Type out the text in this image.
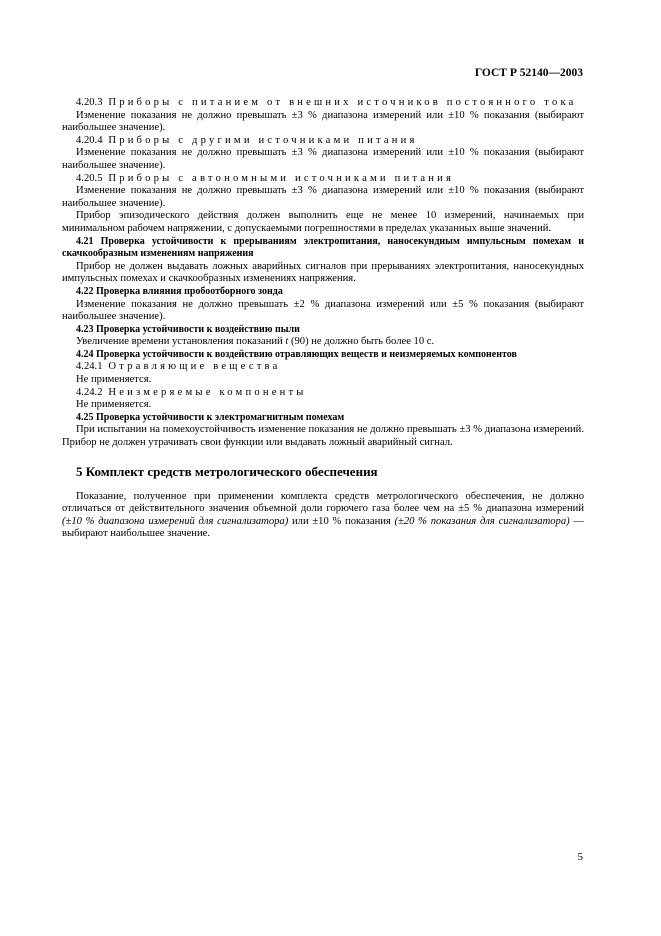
ГОСТ Р 52140—2003

4.20.3 Приборы с питанием от внешних источников постоянного тока

Изменение показания не должно превышать ±3 % диапазона измерений или ±10 % показания (выбирают наибольшее значение).

4.20.4 Приборы с другими источниками питания

Изменение показания не должно превышать ±3 % диапазона измерений или ±10 % показания (выбирают наибольшее значение).

4.20.5 Приборы с автономными источниками питания

Изменение показания не должно превышать ±3 % диапазона измерений или ±10 % показания (выбирают наибольшее значение).

Прибор эпизодического действия должен выполнить еще не менее 10 измерений, начинаемых при минимальном рабочем напряжении, с допускаемыми погрешностями в пределах указанных выше значений.

4.21 Проверка устойчивости к прерываниям электропитания, наносекундным импульсным помехам и скачкообразным изменениям напряжения

Прибор не должен выдавать ложных аварийных сигналов при прерываниях электропитания, наносекундных импульсных помехах и скачкообразных изменениях напряжения.

4.22 Проверка влияния пробоотборного зонда

Изменение показания не должно превышать ±2 % диапазона измерений или ±5 % показания (выбирают наибольшее значение).

4.23 Проверка устойчивости к воздействию пыли

Увеличение времени установления показаний t (90) не должно быть более 10 с.

4.24 Проверка устойчивости к воздействию отравляющих веществ и неизмеряемых компонентов

4.24.1 Отравляющие вещества

Не применяется.

4.24.2 Неизмеряемые компоненты

Не применяется.

4.25 Проверка устойчивости к электромагнитным помехам

При испытании на помехоустойчивость изменение показания не должно превышать ±3 % диапазона измерений. Прибор не должен утрачивать свои функции или выдавать ложный аварийный сигнал.

5 Комплект средств метрологического обеспечения

Показание, полученное при применении комплекта средств метрологического обеспечения, не должно отличаться от действительного значения объемной доли горючего газа более чем на ±5 % диапазона измерений (±10 % диапазона измерений для сигнализатора) или ±10 % показания (±20 % показания для сигнализатора) — выбирают наибольшее значение.

5
